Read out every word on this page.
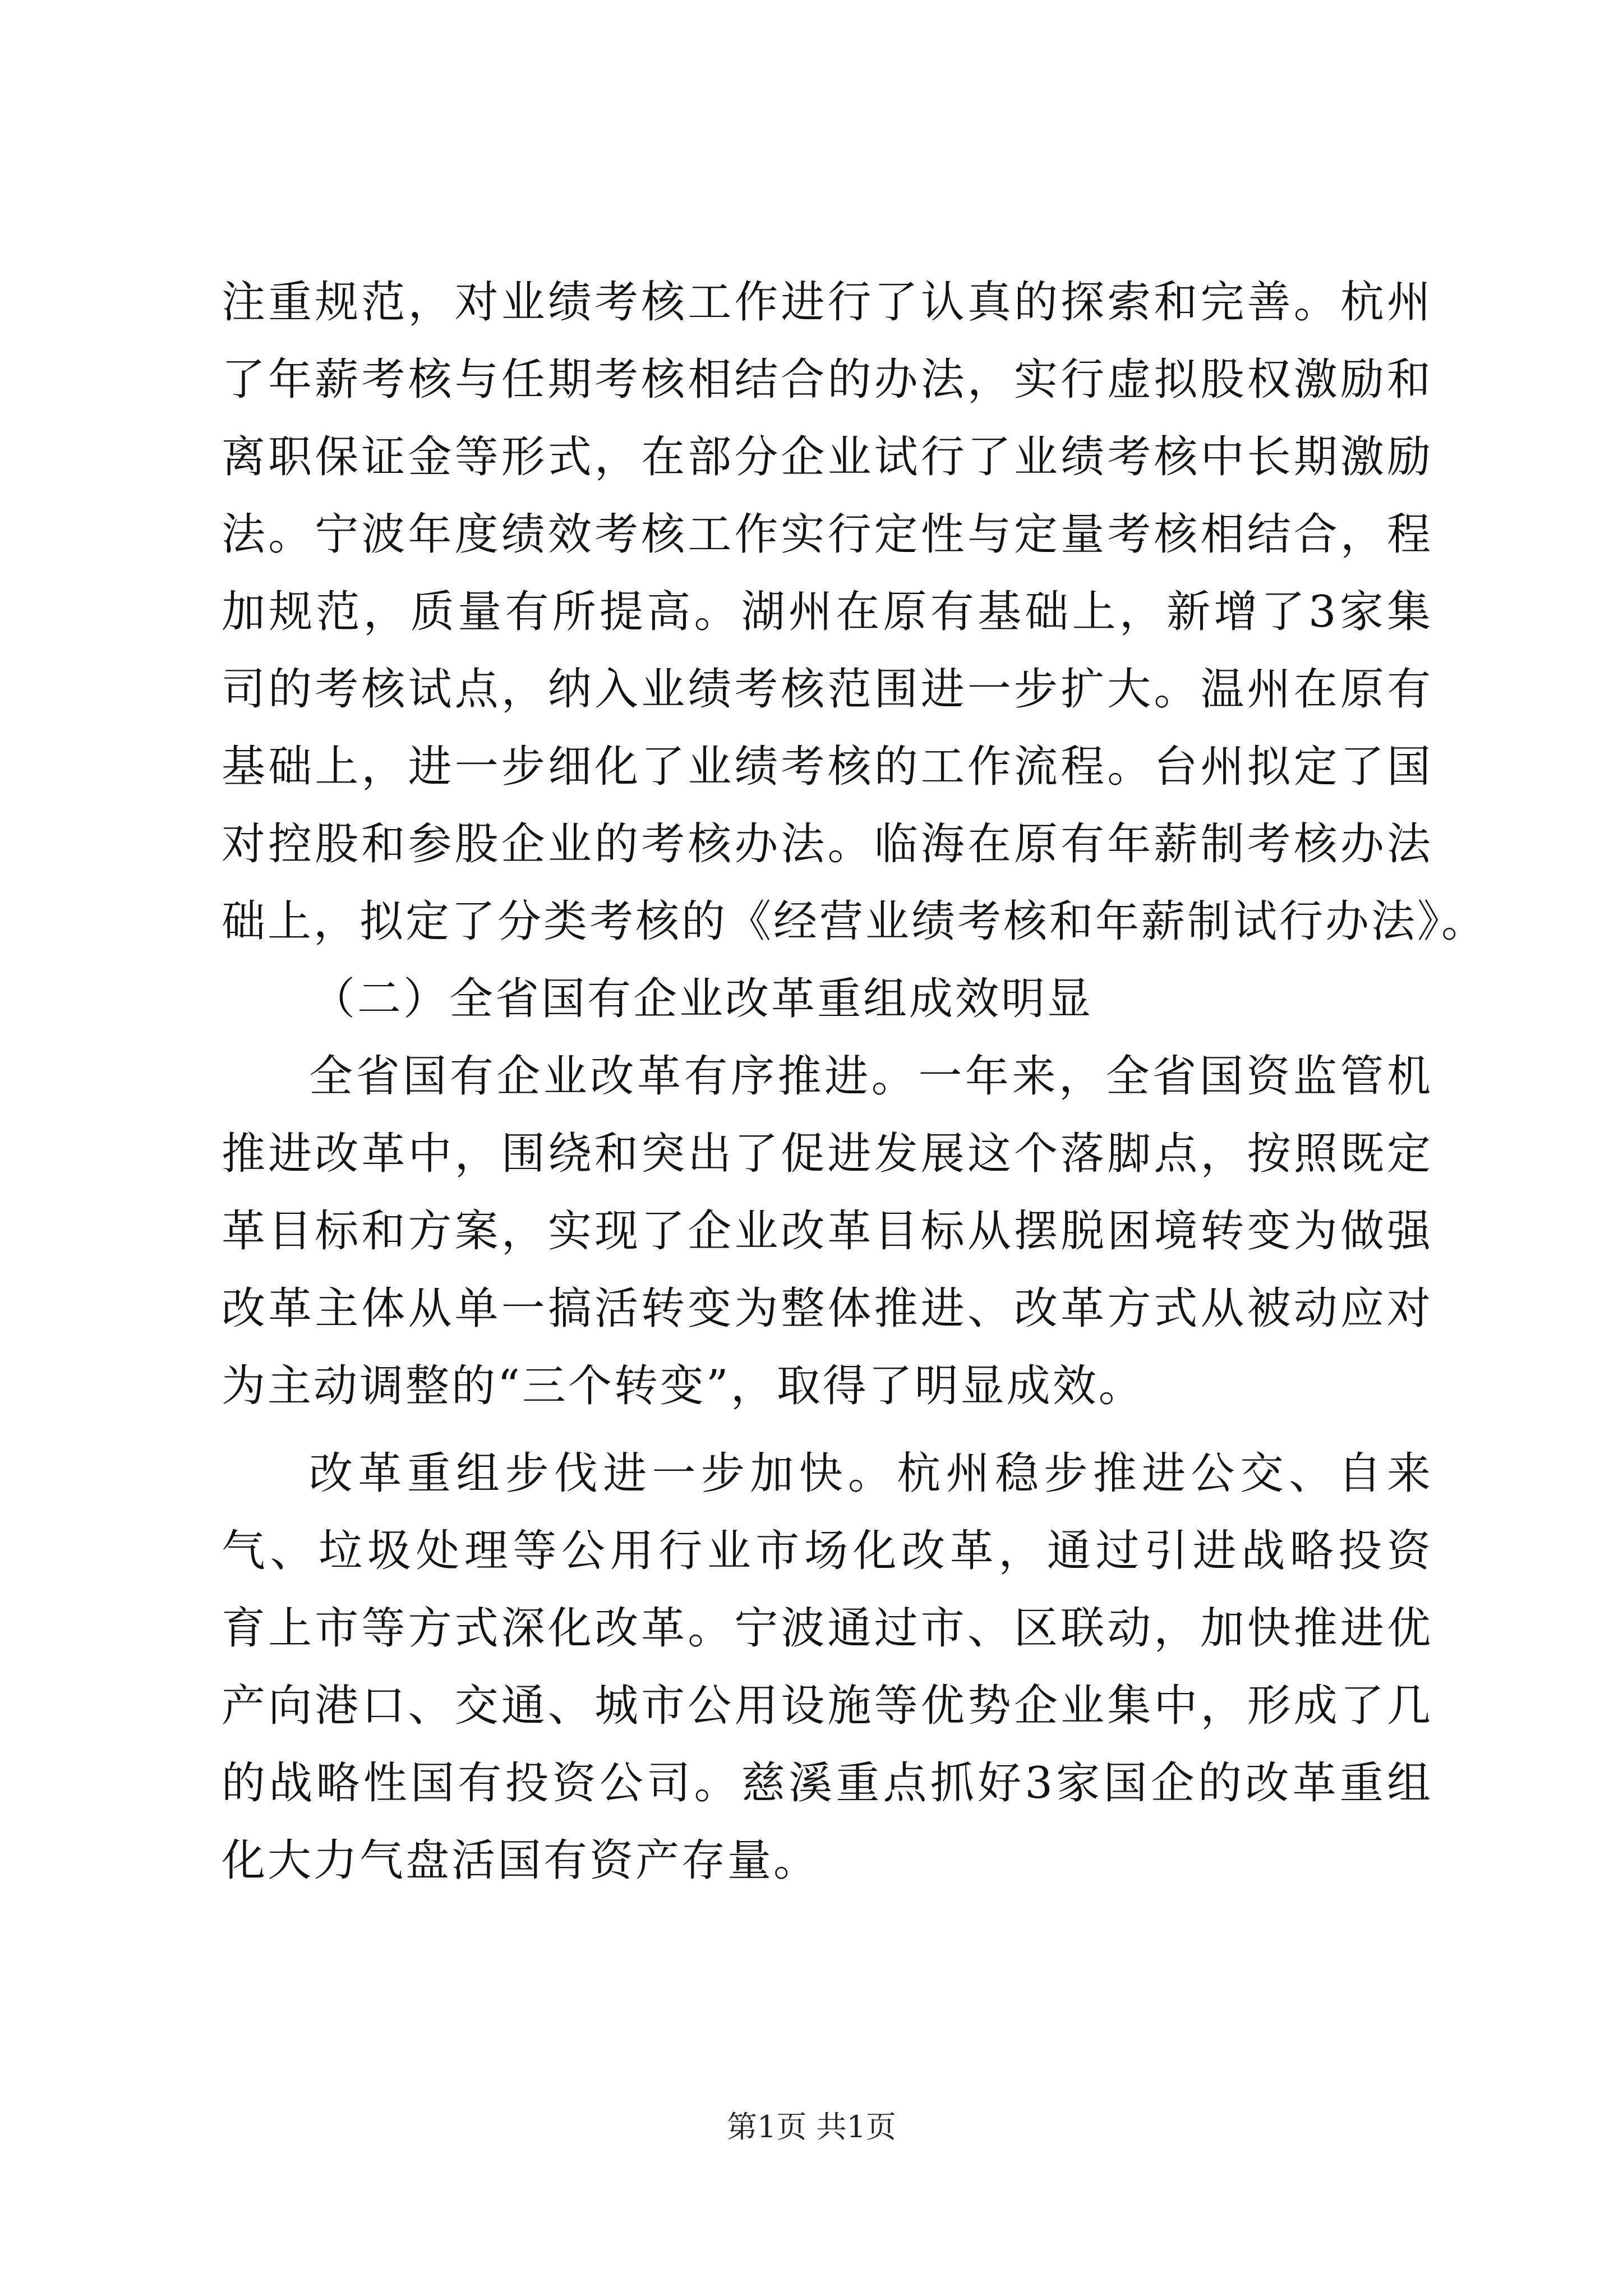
注重规范，对业绩考核工作进行了认真的探索和完善。杭州
了年薪考核与任期考核相结合的办法，实行虚拟股权激励和
离职保证金等形式，在部分企业试行了业绩考核中长期激励
法。宁波年度绩效考核工作实行定性与定量考核相结合，程
加规范，质量有所提高。湖州在原有基础上，新增了3家集
司的考核试点，纳入业绩考核范围进一步扩大。温州在原有
基础上，进一步细化了业绩考核的工作流程。台州拟定了国
对控股和参股企业的考核办法。临海在原有年薪制考核办法
础上，拟定了分类考核的《经营业绩考核和年薪制试行办法》。
（二）全省国有企业改革重组成效明显
全省国有企业改革有序推进。一年来，全省国资监管机
推进改革中，围绕和突出了促进发展这个落脚点，按照既定
革目标和方案，实现了企业改革目标从摆脱困境转变为做强
改革主体从单一搞活转变为整体推进、改革方式从被动应对
为主动调整的“三个转变”，取得了明显成效。
改革重组步伐进一步加快。杭州稳步推进公交、自来
气、垃圾处理等公用行业市场化改革，通过引进战略投资
育上市等方式深化改革。宁波通过市、区联动，加快推进优
产向港口、交通、城市公用设施等优势企业集中，形成了几
的战略性国有投资公司。慈溪重点抓好3家国企的改革重组
化大力气盘活国有资产存量。
第1页 共1页
